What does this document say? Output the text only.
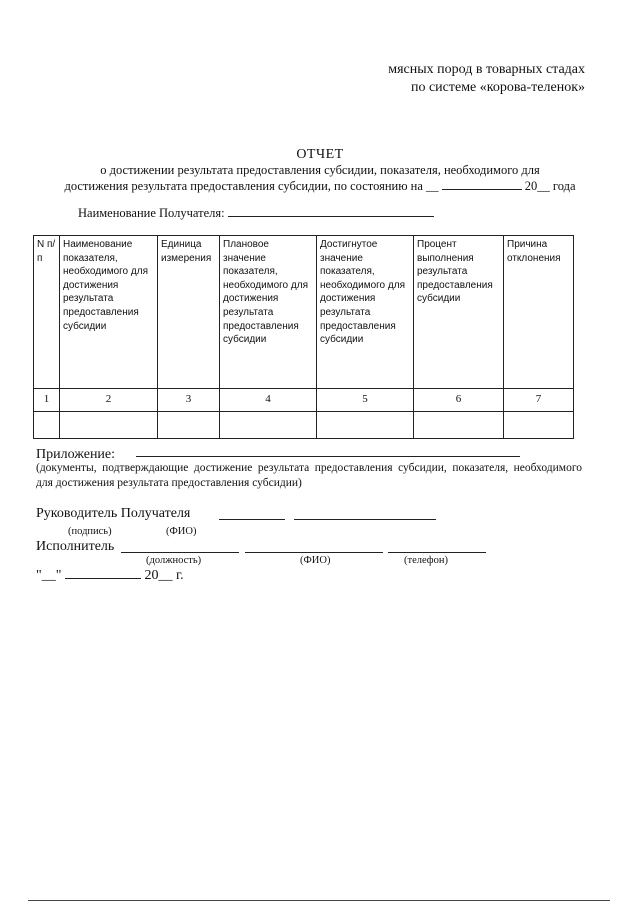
мясных пород в товарных стадах
по системе «корова-теленок»
ОТЧЕТ
о достижении результата предоставления субсидии, показателя, необходимого для
достижения результата предоставления субсидии, по состоянию на __	20__ года
Наименование Получателя:
N п/п	Наименование показателя, необходимого для достижения результата предоставления субсидии	Единица измерения	Плановое значение показателя, необходимого для достижения результата предоставления субсидии	Достигнутое значение показателя, необходимого для достижения результата предоставления субсидии	Процент выполнения результата предоставления субсидии	Причина отклонения
1	2	3	4	5	6	7

Приложение:
(документы, подтверждающие достижение результата предоставления субсидии, показателя, необходимого для достижения результата предоставления субсидии)
Руководитель Получателя
(подпись)	(ФИО)
Исполнитель
(должность)	(ФИО)	(телефон)
"__"	20__ г.
